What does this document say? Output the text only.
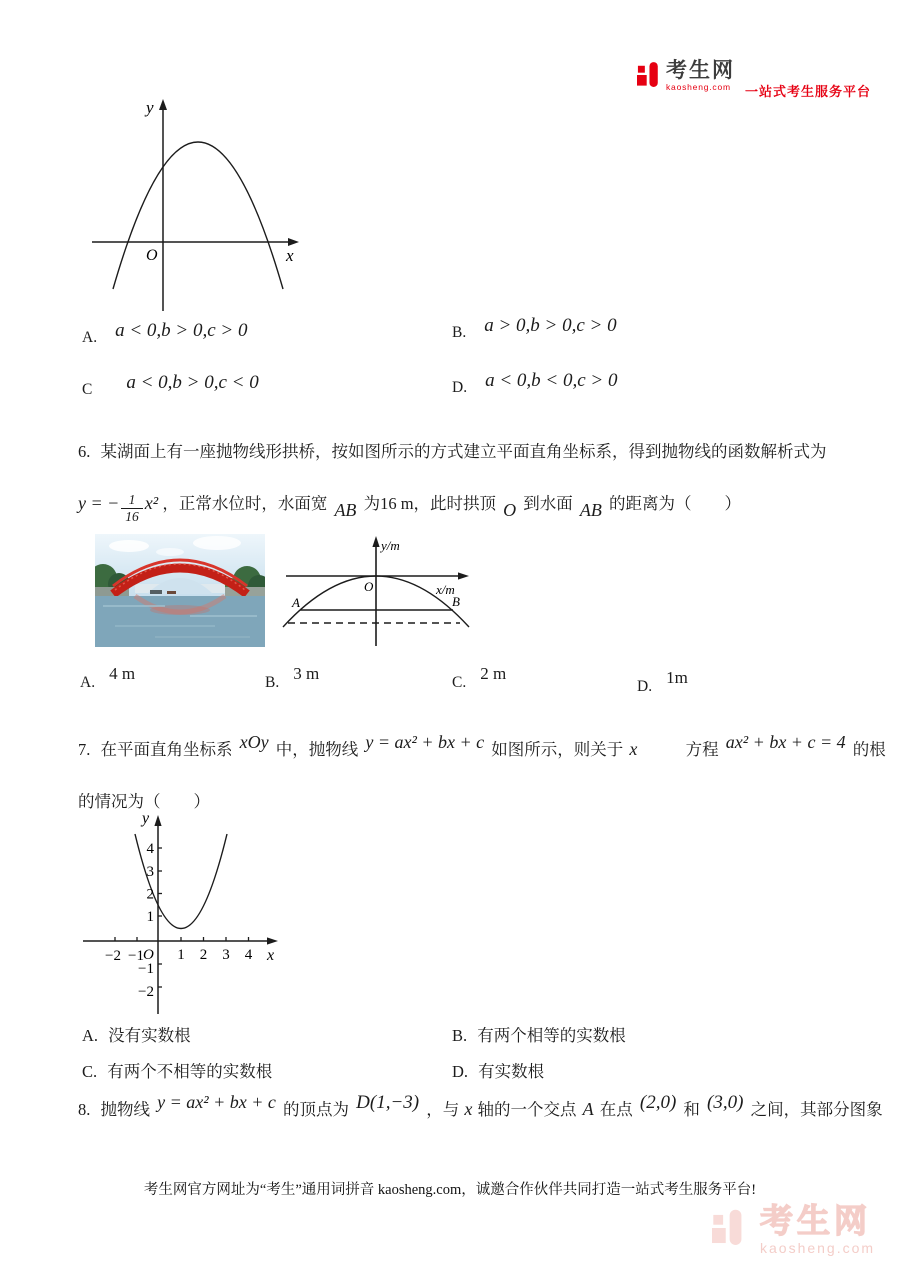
考生网
kaosheng.com	一站式考生服务平台
y
x
O
A. a < 0,b > 0,c > 0	B. a > 0,b > 0,c > 0
C a < 0,b > 0,c < 0	D. a < 0,b < 0,c > 0
6. 某湖面上有一座抛物线形拱桥，按如图所示的方式建立平面直角坐标系，得到抛物线的函数解析式为
y = − $\frac{1}{16} x^2$ ，正常水位时，水面宽 AB 为16 m，此时拱顶 O 到水面 AB 的距离为（　　）
y/m
x/m
O
A	B
A. 4 m	B. 3 m	C. 2 m
D. 1m
7. 在平面直角坐标系 xOy 中，抛物线 y = ax² + bx + c 如图所示，则关于 x	方程 ax² + bx + c = 4 的根
的情况为（　　）
y
x
O
−2 −1 1 2 3 4
4
3
2
1
−1
−2
A. 没有实数根	B. 有两个相等的实数根
C. 有两个不相等的实数根	D. 有实数根
8. 抛物线 y = ax² + bx + c 的顶点为 D(1,−3) ，与 x 轴的一个交点 A 在点 (2,0) 和 (3,0) 之间，其部分图象
考生网官方网址为“考生”通用词拼音 kaosheng.com，诚邀合作伙伴共同打造一站式考生服务平台!
考生网
kaosheng.com
